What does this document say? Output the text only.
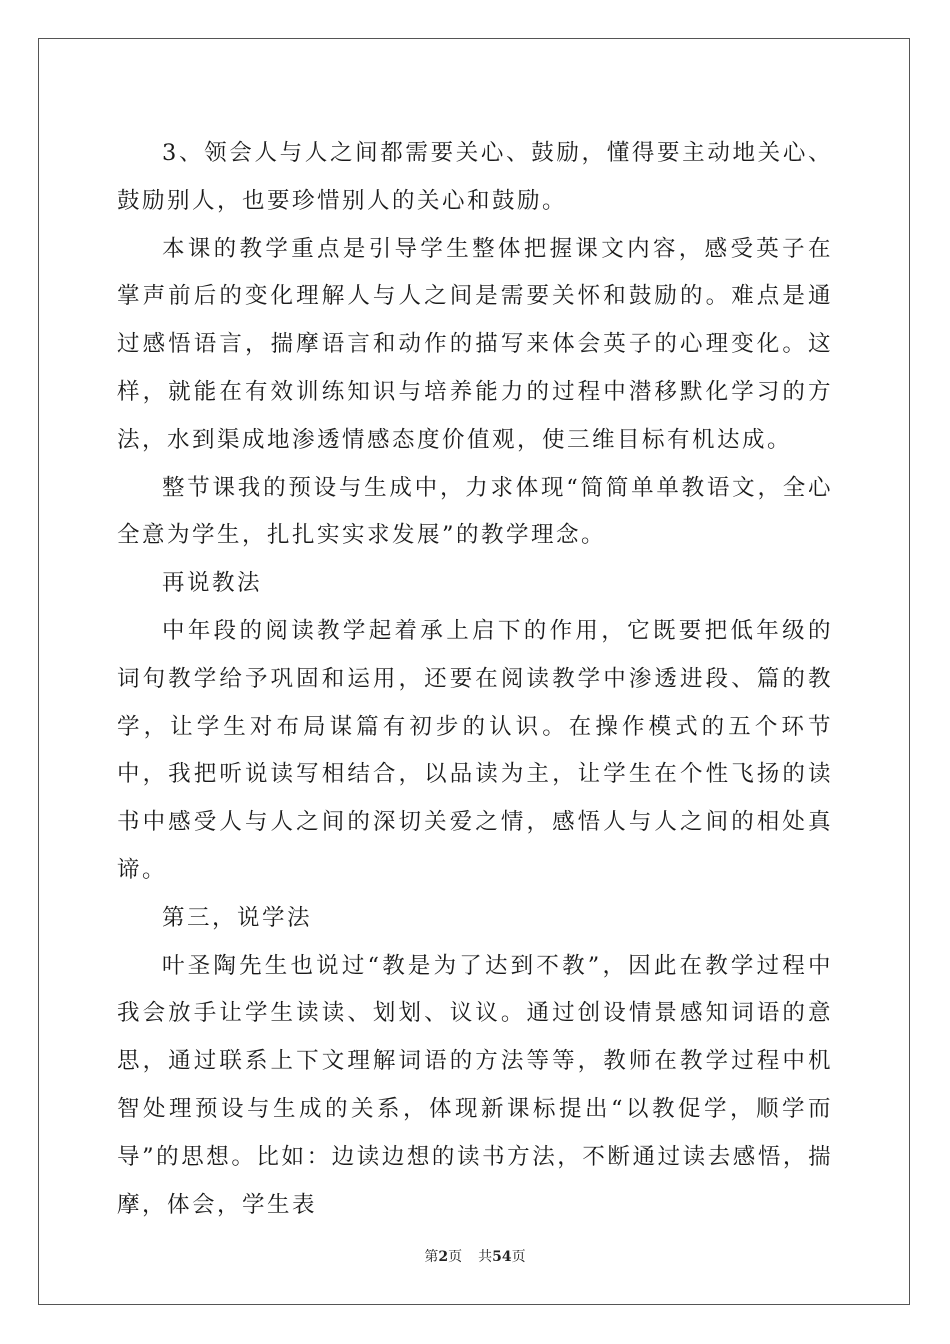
3、领会人与人之间都需要关心、鼓励，懂得要主动地关心、鼓励别人，也要珍惜别人的关心和鼓励。

本课的教学重点是引导学生整体把握课文内容，感受英子在掌声前后的变化理解人与人之间是需要关怀和鼓励的。难点是通过感悟语言，揣摩语言和动作的描写来体会英子的心理变化。这样，就能在有效训练知识与培养能力的过程中潜移默化学习的方法，水到渠成地渗透情感态度价值观，使三维目标有机达成。

整节课我的预设与生成中，力求体现“简简单单教语文，全心全意为学生，扎扎实实求发展”的教学理念。

再说教法

中年段的阅读教学起着承上启下的作用，它既要把低年级的词句教学给予巩固和运用，还要在阅读教学中渗透进段、篇的教学，让学生对布局谋篇有初步的认识。在操作模式的五个环节中，我把听说读写相结合，以品读为主，让学生在个性飞扬的读书中感受人与人之间的深切关爱之情，感悟人与人之间的相处真谛。

第三，说学法

叶圣陶先生也说过“教是为了达到不教”，因此在教学过程中我会放手让学生读读、划划、议议。通过创设情景感知词语的意思，通过联系上下文理解词语的方法等等，教师在教学过程中机智处理预设与生成的关系，体现新课标提出“以教促学，顺学而导”的思想。比如：边读边想的读书方法，不断通过读去感悟，揣摩，体会，学生表

第2页 共54页
